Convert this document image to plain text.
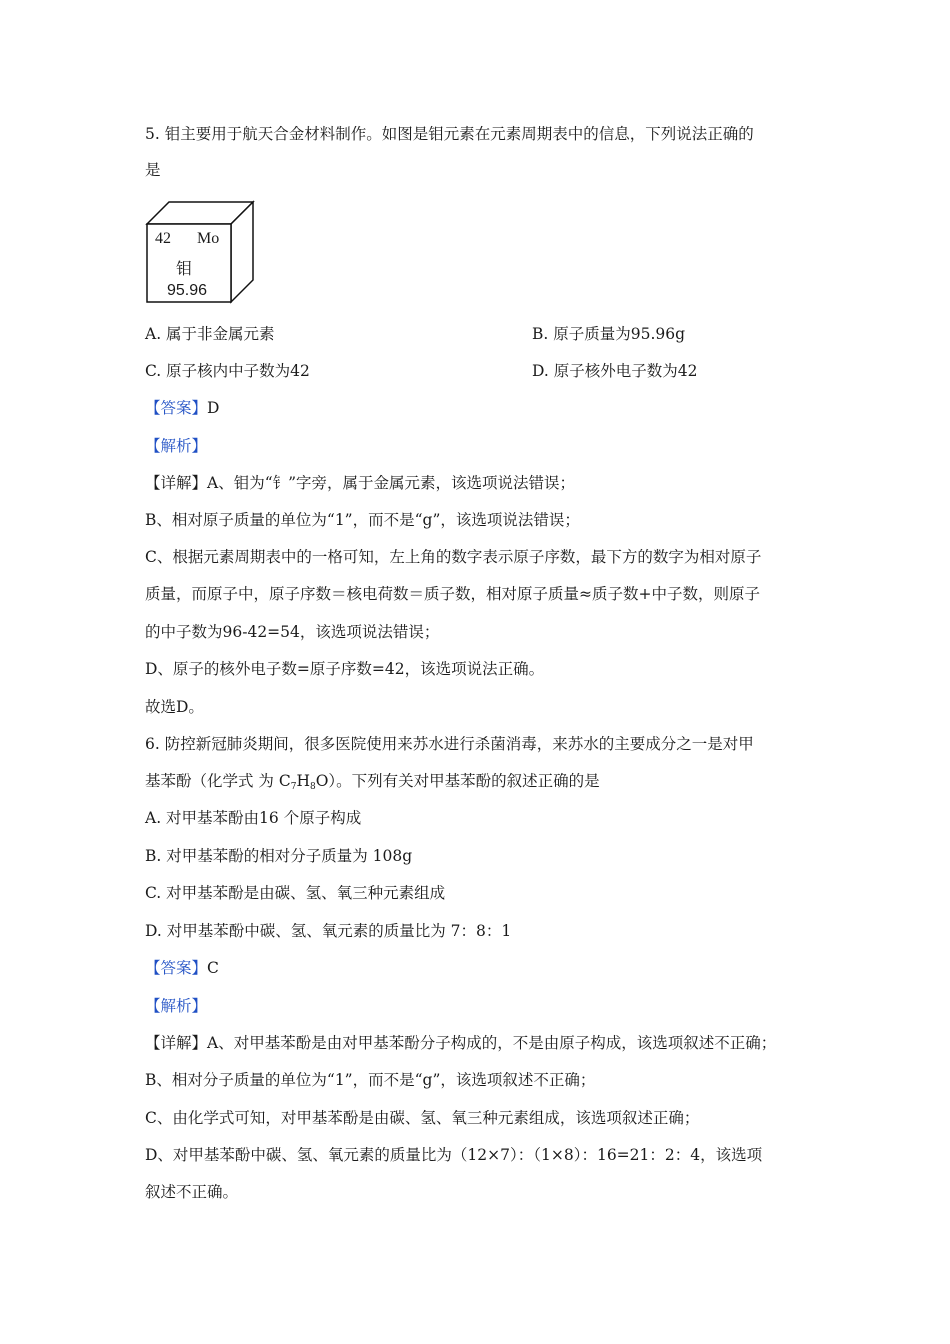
5. 钼主要用于航天合金材料制作。如图是钼元素在元素周期表中的信息，下列说法正确的
是
42 Mo
钼
95.96
A. 属于非金属元素	B. 原子质量为95.96g
C. 原子核内中子数为42	D. 原子核外电子数为42
【答案】D
【解析】
【详解】A、钼为“钅”字旁，属于金属元素，该选项说法错误；
B、相对原子质量的单位为“1”，而不是“g”，该选项说法错误；
C、根据元素周期表中的一格可知，左上角的数字表示原子序数，最下方的数字为相对原子
质量，而原子中，原子序数＝核电荷数＝质子数，相对原子质量≈质子数+中子数，则原子
的中子数为96-42=54，该选项说法错误；
D、原子的核外电子数=原子序数=42，该选项说法正确。
故选D。
6. 防控新冠肺炎期间，很多医院使用来苏水进行杀菌消毒，来苏水的主要成分之一是对甲
基苯酚（化学式 为 $C_7H_8O$）。下列有关对甲基苯酚的叙述正确的是
A. 对甲基苯酚由16 个原子构成
B. 对甲基苯酚的相对分子质量为 108g
C. 对甲基苯酚是由碳、氢、氧三种元素组成
D. 对甲基苯酚中碳、氢、氧元素的质量比为 7：8：1
【答案】C
【解析】
【详解】A、对甲基苯酚是由对甲基苯酚分子构成的，不是由原子构成，该选项叙述不正确；
B、相对分子质量的单位为“1”，而不是“g”，该选项叙述不正确；
C、由化学式可知，对甲基苯酚是由碳、氢、氧三种元素组成，该选项叙述正确；
D、对甲基苯酚中碳、氢、氧元素的质量比为（12×7）：（1×8）：16=21：2：4，该选项
叙述不正确。
